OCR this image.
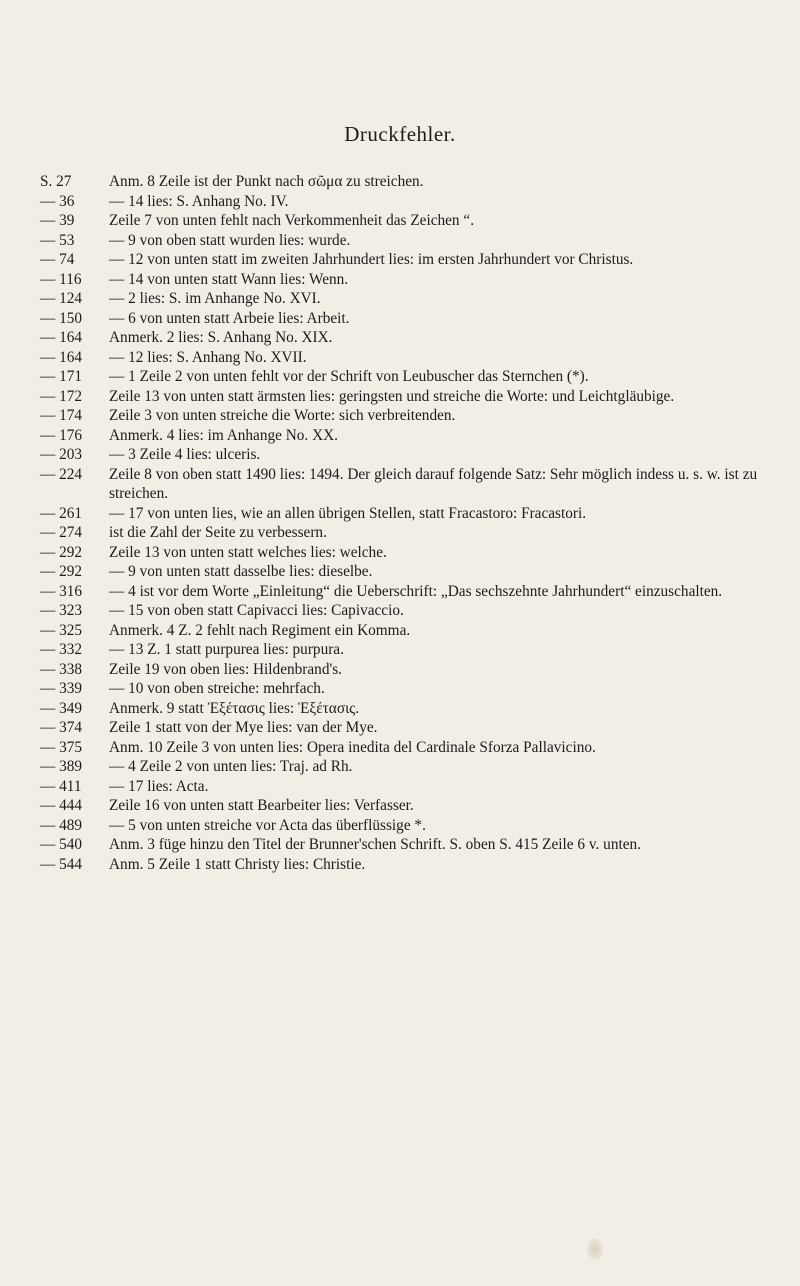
Druckfehler.
S. 27	Anm. 8 Zeile ist der Punkt nach σῶμα zu streichen.
— 36	— 14 lies: S. Anhang No. IV.
— 39	Zeile 7 von unten fehlt nach Verkommenheit das Zeichen “.
— 53	— 9 von oben statt wurden lies: wurde.
— 74	— 12 von unten statt im zweiten Jahrhundert lies: im ersten Jahrhundert vor Christus.
— 116	— 14 von unten statt Wann lies: Wenn.
— 124	— 2 lies: S. im Anhange No. XVI.
— 150	— 6 von unten statt Arbeie lies: Arbeit.
— 164	Anmerk. 2 lies: S. Anhang No. XIX.
— 164	— 12 lies: S. Anhang No. XVII.
— 171	— 1 Zeile 2 von unten fehlt vor der Schrift von Leubuscher das Sternchen (*).
— 172	Zeile 13 von unten statt ärmsten lies: geringsten und streiche die Worte: und Leichtgläubige.
— 174	Zeile 3 von unten streiche die Worte: sich verbreitenden.
— 176	Anmerk. 4 lies: im Anhange No. XX.
— 203	— 3 Zeile 4 lies: ulceris.
— 224	Zeile 8 von oben statt 1490 lies: 1494. Der gleich darauf folgende Satz: Sehr möglich indess u. s. w. ist zu streichen.
— 261	— 17 von unten lies, wie an allen übrigen Stellen, statt Fracastoro: Fracastori.
— 274	ist die Zahl der Seite zu verbessern.
— 292	Zeile 13 von unten statt welches lies: welche.
— 292	— 9 von unten statt dasselbe lies: dieselbe.
— 316	— 4 ist vor dem Worte „Einleitung“ die Ueberschrift: „Das sechszehnte Jahrhundert“ einzuschalten.
— 323	— 15 von oben statt Capivacci lies: Capivaccio.
— 325	Anmerk. 4 Z. 2 fehlt nach Regiment ein Komma.
— 332	— 13 Z. 1 statt purpurea lies: purpura.
— 338	Zeile 19 von oben lies: Hildenbrand's.
— 339	— 10 von oben streiche: mehrfach.
— 349	Anmerk. 9 statt Ἐξέτασις lies: Ἐξέτασις.
— 374	Zeile 1 statt von der Mye lies: van der Mye.
— 375	Anm. 10 Zeile 3 von unten lies: Opera inedita del Cardinale Sforza Pallavicino.
— 389	— 4 Zeile 2 von unten lies: Traj. ad Rh.
— 411	— 17 lies: Acta.
— 444	Zeile 16 von unten statt Bearbeiter lies: Verfasser.
— 489	— 5 von unten streiche vor Acta das überflüssige *.
— 540	Anm. 3 füge hinzu den Titel der Brunner'schen Schrift. S. oben S. 415 Zeile 6 v. unten.
— 544	Anm. 5 Zeile 1 statt Christy lies: Christie.
